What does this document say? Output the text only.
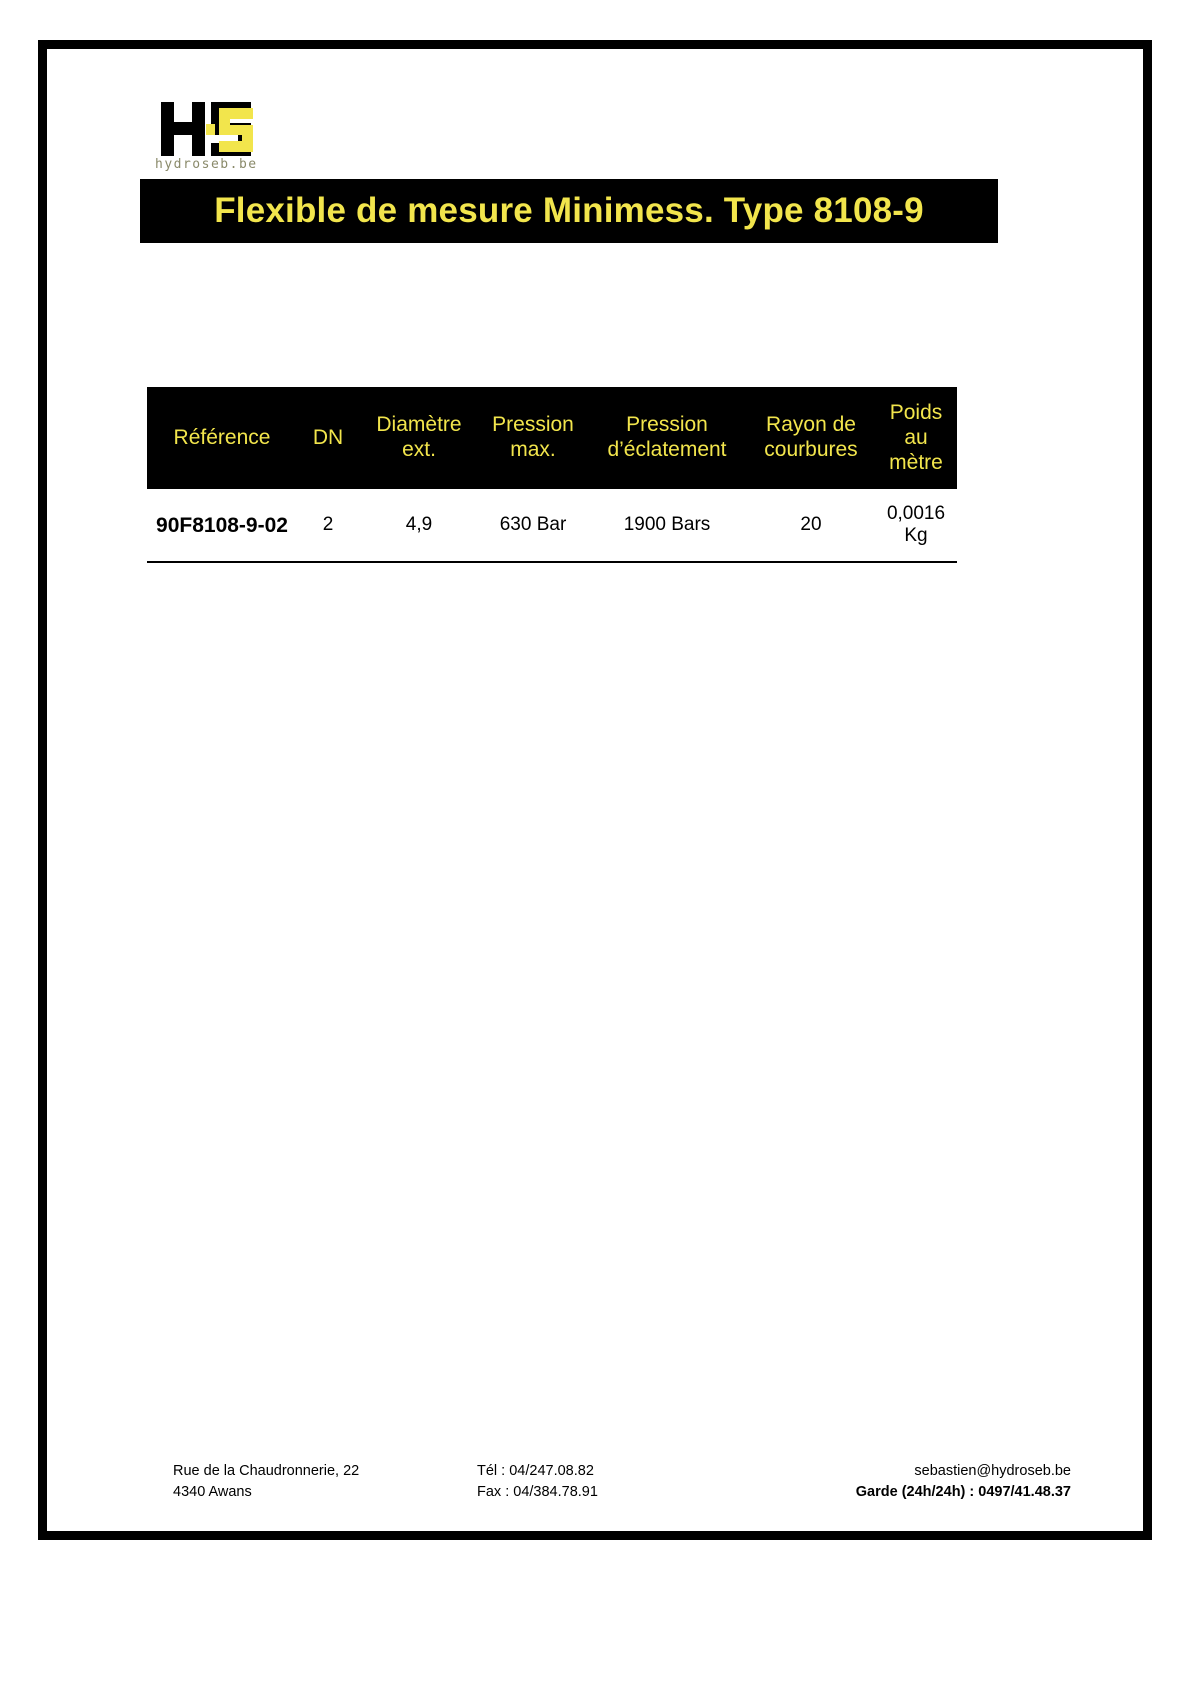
hydroseb.be
Flexible de mesure Minimess. Type 8108-9
Référence	DN	Diamètre ext.	Pression max.	Pression d’éclatement	Rayon de courbures	Poids au mètre
90F8108-9-02	2	4,9	630 Bar	1900 Bars	20	0,0016 Kg
Rue de la Chaudronnerie, 22
4340 Awans
Tél : 04/247.08.82
Fax : 04/384.78.91
sebastien@hydroseb.be
Garde (24h/24h) : 0497/41.48.37
